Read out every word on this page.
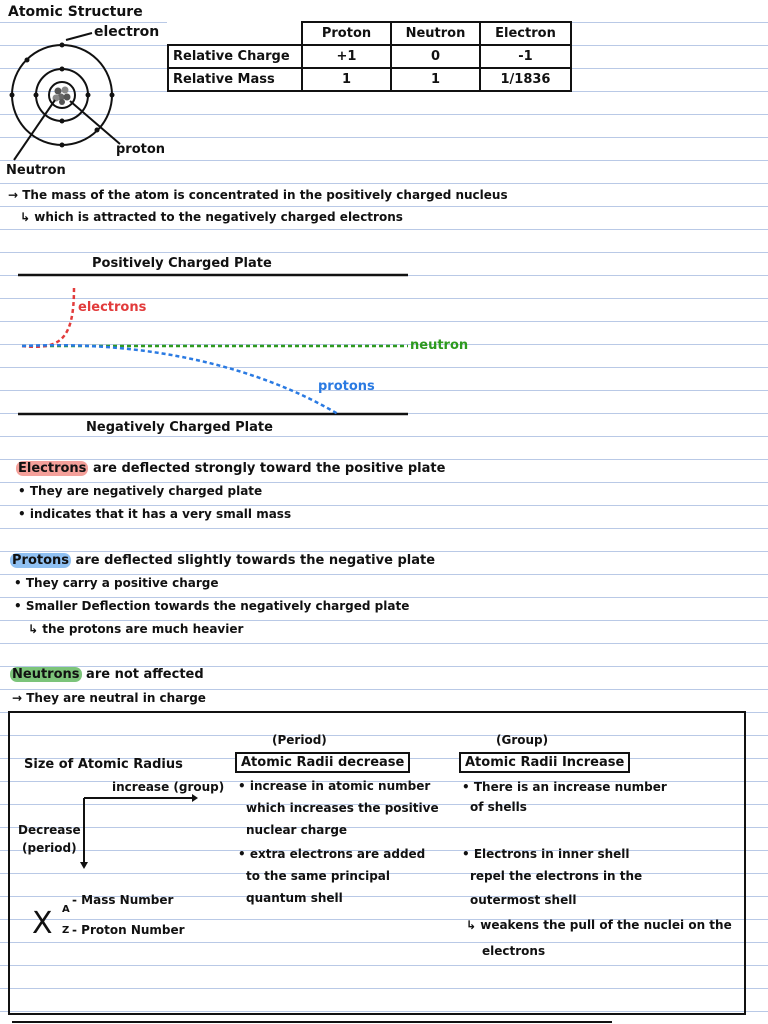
Atomic Structure
electron
proton
Neutron
	Proton	Neutron	Electron
Relative Charge	+1	0	-1
Relative Mass	1	1	1/1836
→ The mass of the atom is concentrated in the positively charged nucleus
↳ which is attracted to the negatively charged electrons
Positively Charged Plate
electrons
neutron
protons
Negatively Charged Plate
Electrons are deflected strongly toward the positive plate
• They are negatively charged plate
• indicates that it has a very small mass
Protons are deflected slightly towards the negative plate
• They carry a positive charge
• Smaller Deflection towards the negatively charged plate
↳ the protons are much heavier
Neutrons are not affected
→ They are neutral in charge
Size of Atomic Radius
increase (group)
Decrease
(period)
(Period)
Atomic Radii decrease
• increase in atomic number
which increases the positive
nuclear charge
• extra electrons are added
to the same principal
quantum shell
(Group)
Atomic Radii Increase
• There is an increase number
of shells
• Electrons in inner shell
repel the electrons in the
outermost shell
↳ weakens the pull of the nuclei on the
electrons
X A
Z
- Mass Number
- Proton Number
